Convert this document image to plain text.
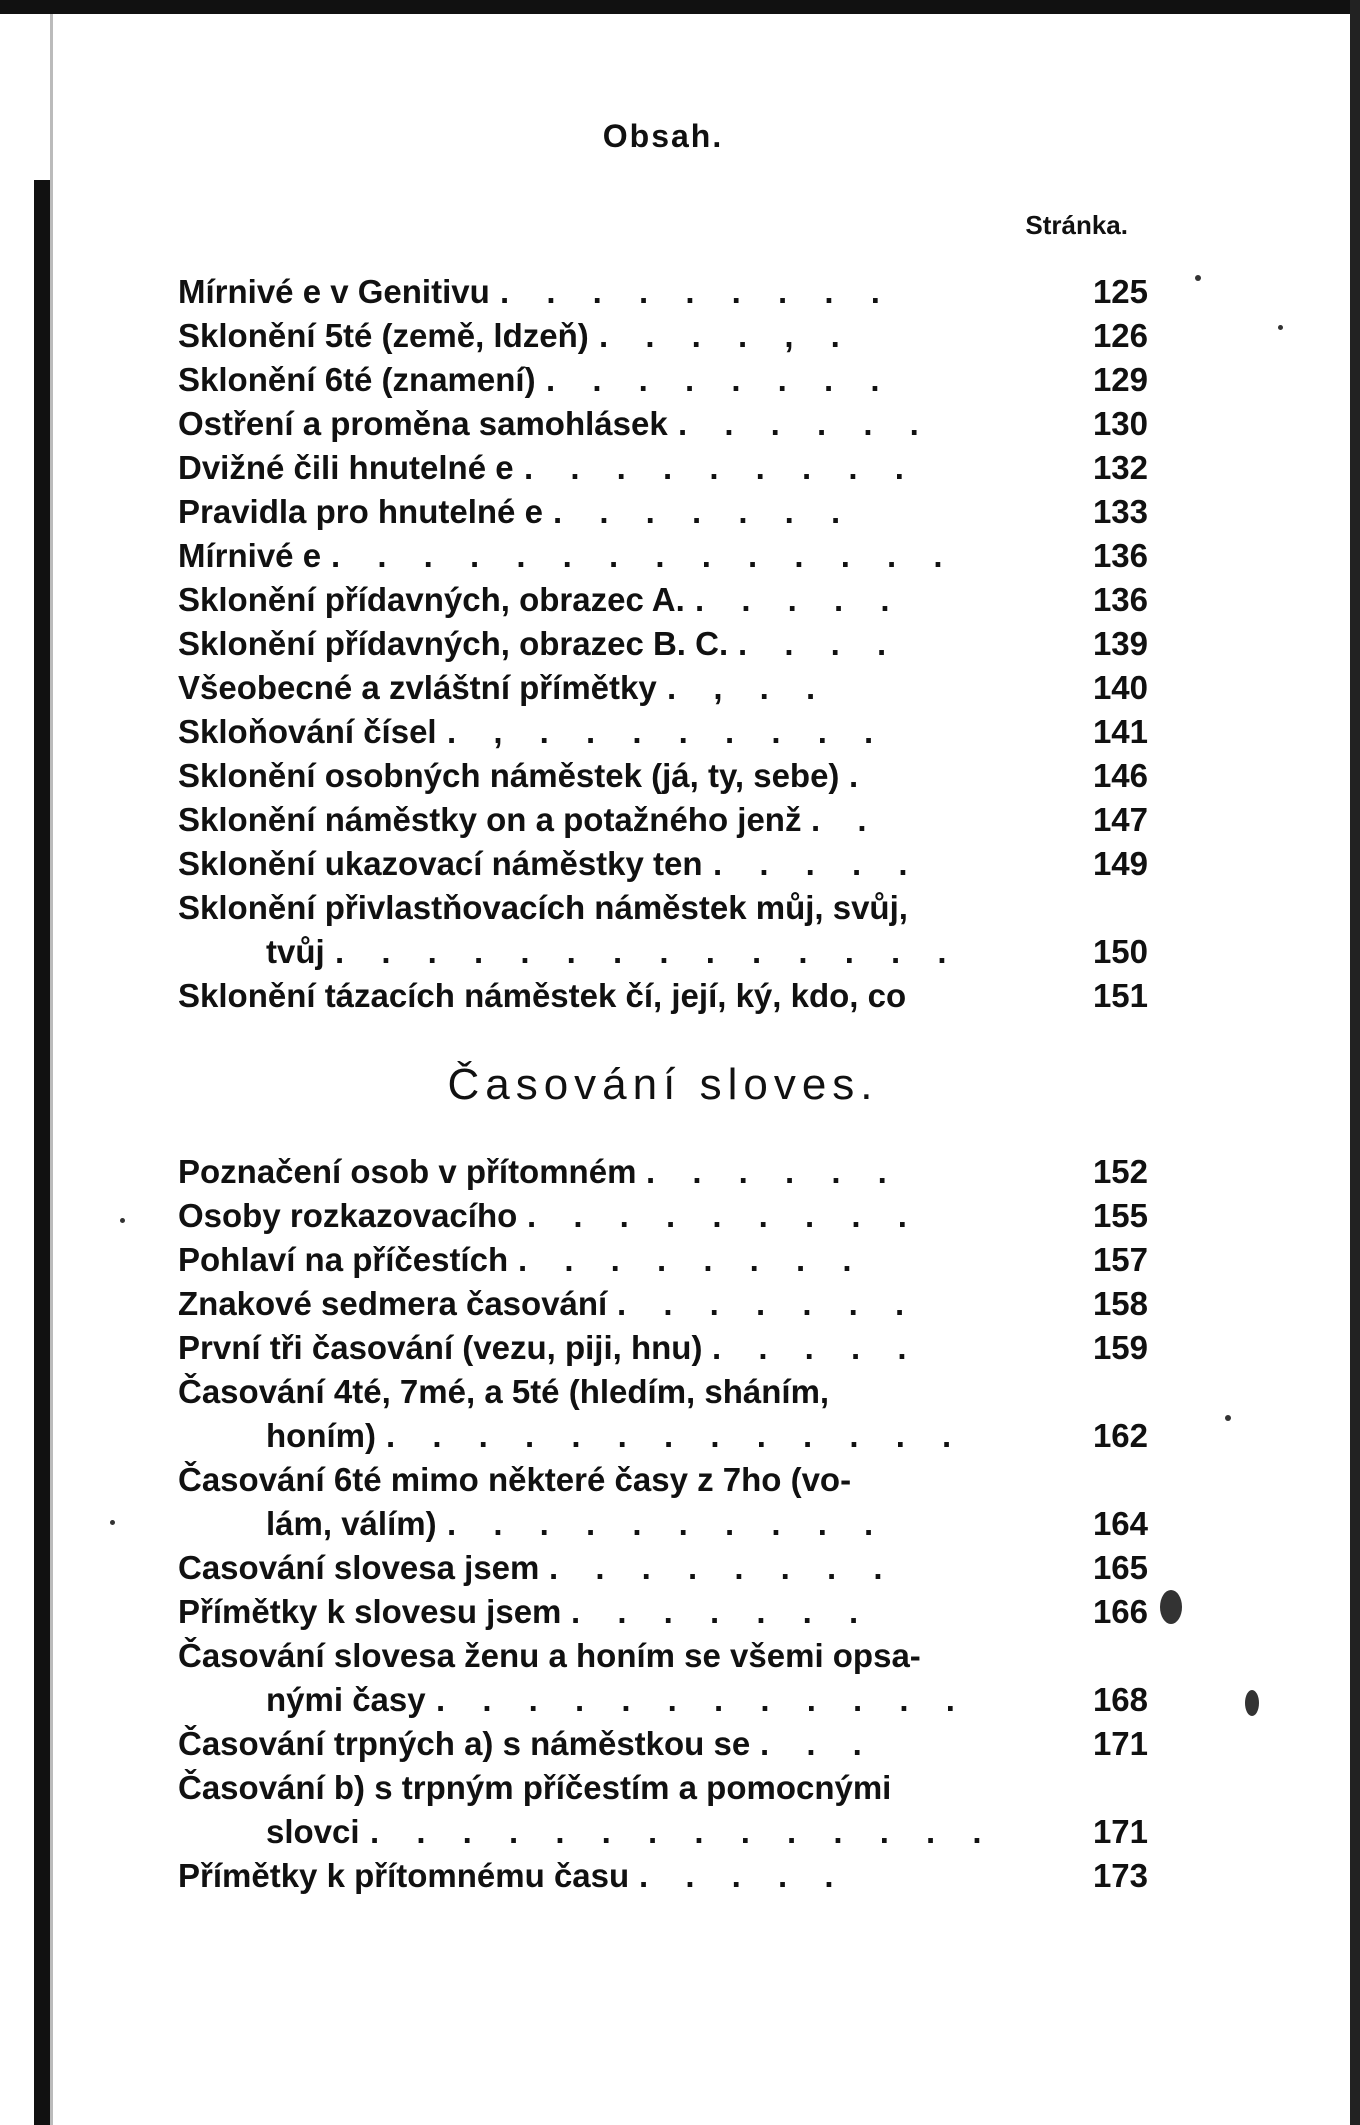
Obsah.
Stránka.
Mírnivé e v Genitivu	125
. . . . . . . . .
Sklonění 5té (země, ldzeň)	126
. . . . , .
Sklonění 6té (znamení)	129
. . . . . . . .
Ostření a proměna samohlásek	130
. . . . . .
Dvižné čili hnutelné e	132
. . . . . . . . .
Pravidla pro hnutelné e	133
. . . . . . .
Mírnivé e	136
. . . . . . . . . . . . . .
Sklonění přídavných, obrazec A.	136
. . . . .
Sklonění přídavných, obrazec B. C.	139
. . . .
Všeobecné a zvláštní přímětky	140
. , . .
Skloňování čísel	141
. , . . . . . . . .
Sklonění osobných náměstek (já, ty, sebe)	146
.
Sklonění náměstky on a potažného jenž	147
. .
Sklonění ukazovací náměstky ten	149
. . . . .
Sklonění přivlastňovacích náměstek můj, svůj,
tvůj	150
. . . . . . . . . . . . . .
Sklonění tázacích náměstek čí, její, ký, kdo, co	151
Časování sloves.
Poznačení osob v přítomném	152
. . . . . .
Osoby rozkazovacího	155
. . . . . . . . .
Pohlaví na příčestích	157
. . . . . . . .
Znakové sedmera časování	158
. . . . . . .
První tři časování (vezu, piji, hnu)	159
. . . . .
Časování 4té, 7mé, a 5té (hledím, sháním,
honím)	162
. . . . . . . . . . . . .
Časování 6té mimo některé časy z 7ho (vo-
lám, válím)	164
. . . . . . . . . .
Casování slovesa jsem	165
. . . . . . . .
Přímětky k slovesu jsem	166
. . . . . . .
Časování slovesa ženu a honím se všemi opsa-
nými časy	168
. . . . . . . . . . . .
Časování trpných a) s náměstkou se	171
. . .
Časování b) s trpným příčestím a pomocnými
slovci	171
. . . . . . . . . . . . . .
Přímětky k přítomnému času	173
. . . . .
